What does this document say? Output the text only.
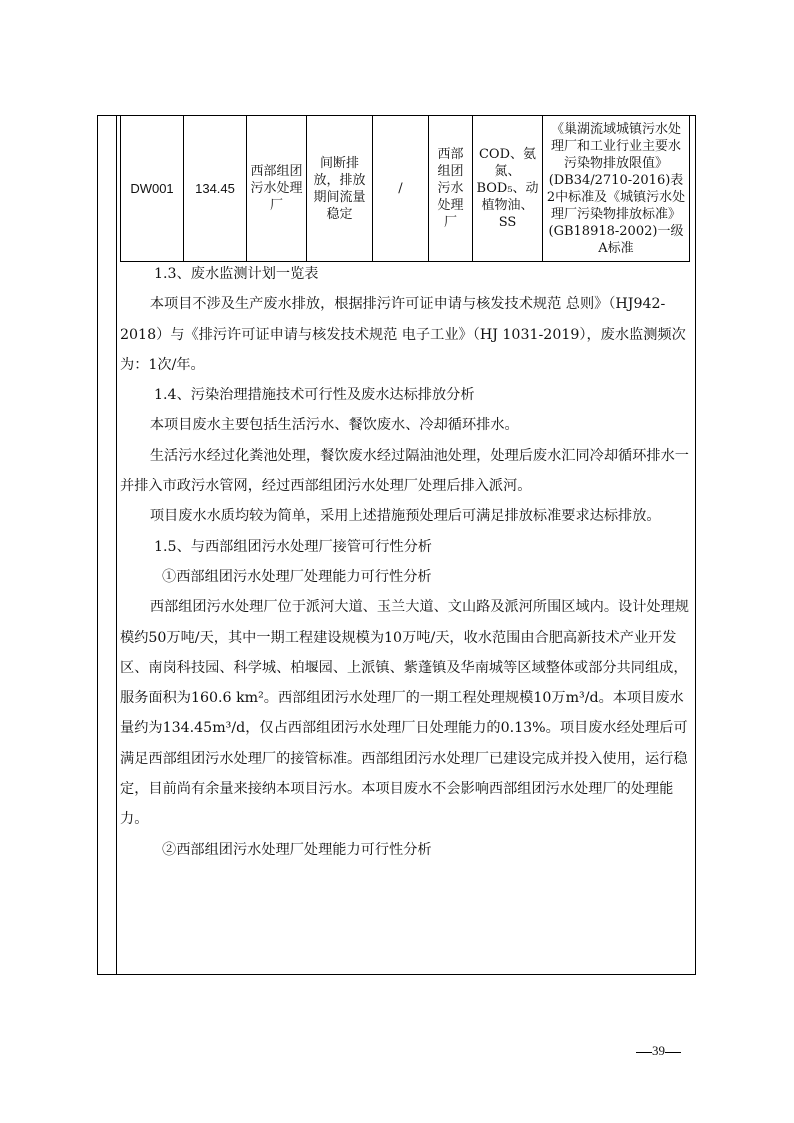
DW001	134.45	西部组团污水处理厂	间断排放，排放期间流量稳定	/	西部组团污水处理厂	COD、氨氮、BOD₅、动植物油、SS	《巢湖流域城镇污水处理厂和工业行业主要水污染物排放限值》(DB34/2710-2016)表2中标准及《城镇污水处理厂污染物排放标准》(GB18918-2002)一级A标准

1.3、废水监测计划一览表

本项目不涉及生产废水排放，根据排污许可证申请与核发技术规范 总则》（HJ942-2018）与《排污许可证申请与核发技术规范 电子工业》（HJ 1031-2019），废水监测频次为：1次/年。

1.4、污染治理措施技术可行性及废水达标排放分析

本项目废水主要包括生活污水、餐饮废水、冷却循环排水。

生活污水经过化粪池处理，餐饮废水经过隔油池处理，处理后废水汇同冷却循环排水一并排入市政污水管网，经过西部组团污水处理厂处理后排入派河。

项目废水水质均较为简单，采用上述措施预处理后可满足排放标准要求达标排放。

1.5、与西部组团污水处理厂接管可行性分析

①西部组团污水处理厂处理能力可行性分析

西部组团污水处理厂位于派河大道、玉兰大道、文山路及派河所围区域内。设计处理规模约50万吨/天，其中一期工程建设规模为10万吨/天，收水范围由合肥高新技术产业开发区、南岗科技园、科学城、柏堰园、上派镇、紫蓬镇及华南城等区域整体或部分共同组成，服务面积为160.6 km²。西部组团污水处理厂的一期工程处理规模10万m³/d。本项目废水量约为134.45m³/d，仅占西部组团污水处理厂日处理能力的0.13%。项目废水经处理后可满足西部组团污水处理厂的接管标准。西部组团污水处理厂已建设完成并投入使用，运行稳定，目前尚有余量来接纳本项目污水。本项目废水不会影响西部组团污水处理厂的处理能力。

②西部组团污水处理厂处理能力可行性分析

39
